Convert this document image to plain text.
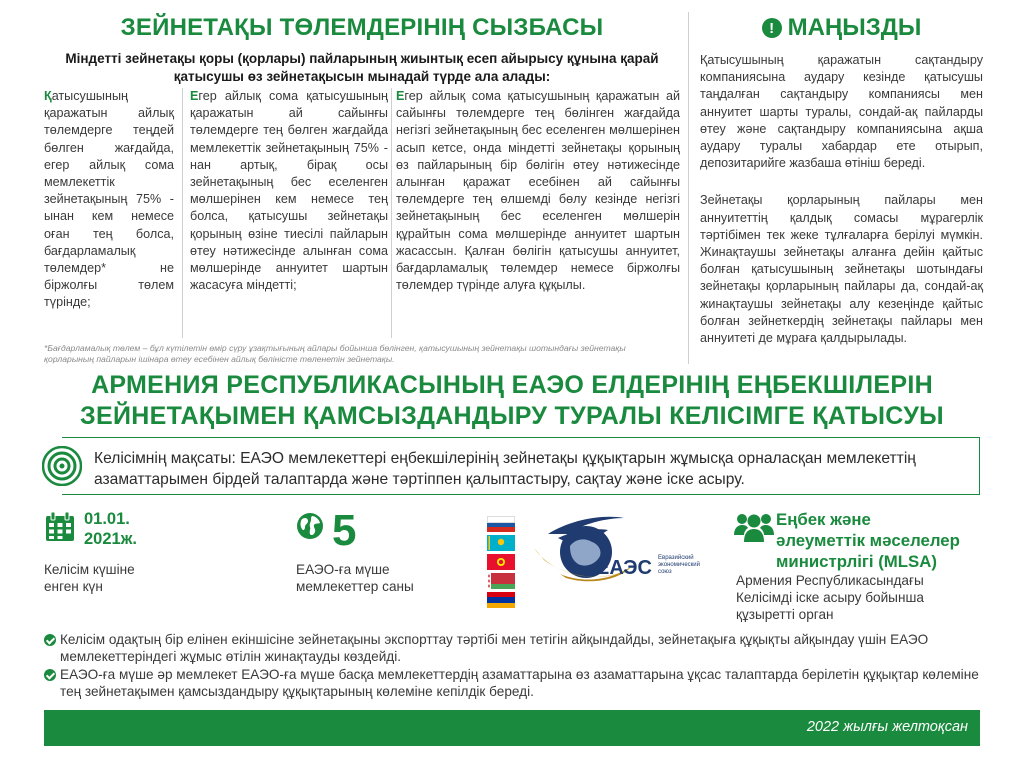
ЗЕЙНЕТАҚЫ ТӨЛЕМДЕРІНІҢ СЫЗБАСЫ
Міндетті зейнетақы қоры (қорлары) пайларының жиынтық есеп айырысу құнына қарай қатысушы өз зейнетақысын мынадай түрде ала алады:
Қатысушының қаражатын айлық төлемдерге теңдей бөлген жағдайда, егер айлық сома мемлекеттік зейнетақының 75% - ынан кем немесе оған тең болса, бағдарламалық төлемдер* не біржолғы төлем түрінде;
Егер айлық сома қатысушының қаражатын ай сайынғы төлемдерге тең бөлген жағдайда мемлекеттік зейнетақының 75% - нан артық, бірақ осы зейнетақының бес еселенген мөлшерінен кем немесе тең болса, қатысушы зейнетақы қорының өзіне тиесілі пайларын өтеу нәтижесінде алынған сома мөлшерінде аннуитет шартын жасасуға міндетті;
Егер айлық сома қатысушының қаражатын ай сайынғы төлемдерге тең бөлінген жағдайда негізгі зейнетақының бес еселенген мөлшерінен асып кетсе, онда міндетті зейнетақы қорының өз пайларының бір бөлігін өтеу нәтижесінде алынған қаражат есебінен ай сайынғы төлемдерге тең өлшемді бөлу кезінде негізгі зейнетақының бес еселенген мөлшерін құрайтын сома мөлшерінде аннуитет шартын жасассын. Қалған бөлігін қатысушы аннуитет, бағдарламалық төлемдер немесе біржолғы төлемдер түрінде алуға құқылы.
*Бағдарламалық төлем – бұл күтілетін өмір сүру ұзақтығының айлары бойынша бөлінген, қатысушының зейнетақы шотындағы зейнетақы қорларының пайларын ішінара өтеу есебінен айлық бөліністе төленетін зейнетақы.
! МАҢЫЗДЫ
Қатысушының қаражатын сақтандыру компаниясына аудару кезінде қатысушы таңдалған сақтандыру компаниясы мен аннуитет шарты туралы, сондай-ақ пайларды өтеу және сақтандыру компаниясына ақша аудару туралы хабардар ете отырып, депозитарийге жазбаша өтініш береді.
Зейнетақы қорларының пайлары мен аннуитеттің қалдық сомасы мұрагерлік тәртібімен тек жеке тұлғаларға берілуі мүмкін. Жинақтаушы зейнетақы алғанға дейін қайтыс болған қатысушының зейнетақы шотындағы зейнетақы қорларының пайлары да, сондай-ақ жинақтаушы зейнетақы алу кезеңінде қайтыс болған зейнеткердің зейнетақы пайлары мен аннуитеті де мұраға қалдырылады.
АРМЕНИЯ РЕСПУБЛИКАСЫНЫҢ ЕАЭО ЕЛДЕРІНІҢ ЕҢБЕКШІЛЕРІН
ЗЕЙНЕТАҚЫМЕН ҚАМСЫЗДАНДЫРУ ТУРАЛЫ КЕЛІСІМГЕ ҚАТЫСУЫ
Келісімнің мақсаты: ЕАЭО мемлекеттері еңбекшілерінің зейнетақы құқықтарын жұмысқа орналасқан мемлекеттің азаматтарымен бірдей талаптарда және тәртіппен қалыптастыру, сақтау және іске асыру.
01.01.
2021ж.
Келісім күшіне
енген күн
5
ЕАЭО-ға мүше
мемлекеттер саны
ЕАЭС Евразийский
экономический
союз
Еңбек және
әлеуметтік мәселелер
министрлігі (MLSA)
Армения Республикасындағы
Келісімді іске асыру бойынша
құзыретті орган
Келісім одақтың бір елінен екіншісіне зейнетақыны экспорттау тәртібі мен тетігін айқындайды, зейнетақыға құқықты айқындау үшін ЕАЭО мемлекеттеріндегі жұмыс өтілін жинақтауды көздейді.
ЕАЭО-ға мүше әр мемлекет ЕАЭО-ға мүше басқа мемлекеттердің азаматтарына өз азаматтарына ұқсас талаптарда берілетін құқықтар көлеміне тең зейнетақымен қамсыздандыру құқықтарының көлеміне кепілдік береді.
2022 жылғы желтоқсан
